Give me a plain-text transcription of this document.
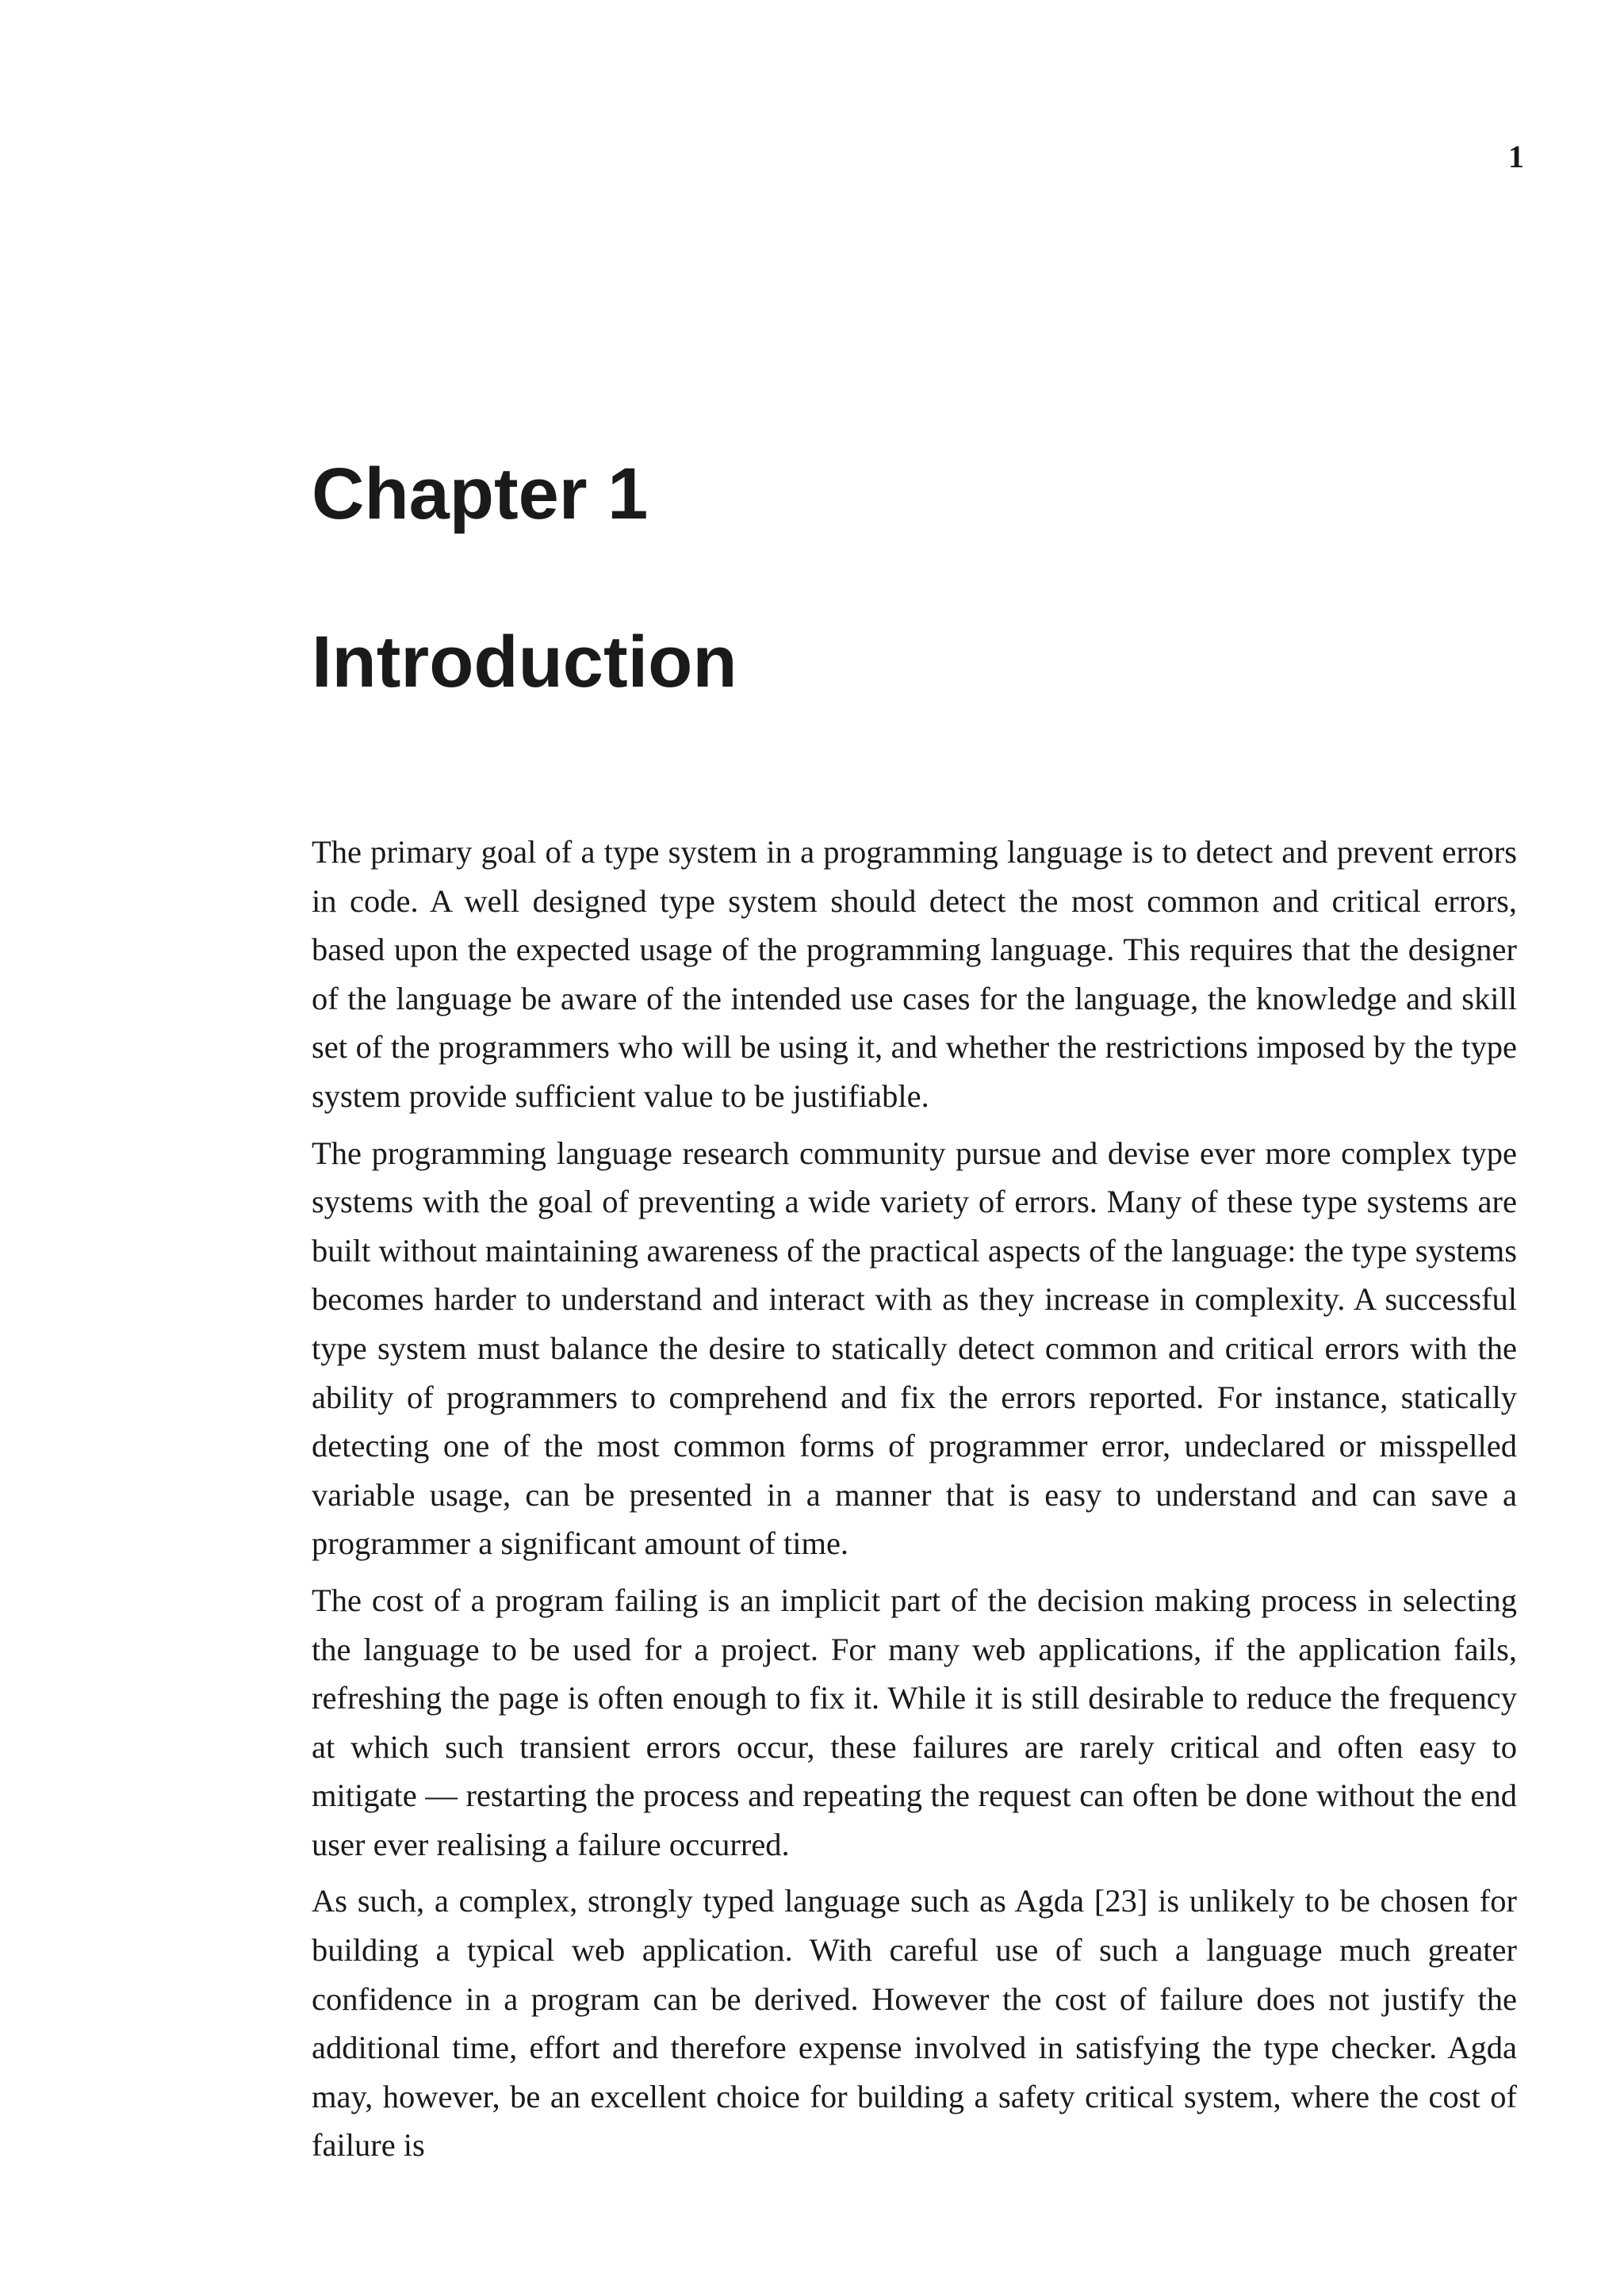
1
Chapter 1
Introduction

The primary goal of a type system in a programming language is to detect and prevent errors in code. A well designed type system should detect the most common and critical errors, based upon the expected usage of the programming language. This requires that the designer of the language be aware of the intended use cases for the language, the knowledge and skill set of the programmers who will be using it, and whether the restrictions imposed by the type system provide sufficient value to be justifiable.

The programming language research community pursue and devise ever more complex type systems with the goal of preventing a wide variety of errors. Many of these type systems are built without maintaining awareness of the practical aspects of the language: the type systems becomes harder to understand and interact with as they increase in complexity. A successful type system must balance the desire to statically detect common and critical errors with the ability of programmers to comprehend and fix the errors reported. For instance, statically detecting one of the most common forms of programmer error, undeclared or misspelled variable usage, can be presented in a manner that is easy to understand and can save a programmer a significant amount of time.

The cost of a program failing is an implicit part of the decision making process in selecting the language to be used for a project. For many web applications, if the application fails, refreshing the page is often enough to fix it. While it is still desirable to reduce the frequency at which such transient errors occur, these failures are rarely critical and often easy to mitigate — restarting the process and repeating the request can often be done without the end user ever realising a failure occurred.

As such, a complex, strongly typed language such as Agda [23] is unlikely to be chosen for building a typical web application. With careful use of such a language much greater confidence in a program can be derived. However the cost of failure does not justify the additional time, effort and therefore expense involved in satisfying the type checker. Agda may, however, be an excellent choice for building a safety critical system, where the cost of failure is
